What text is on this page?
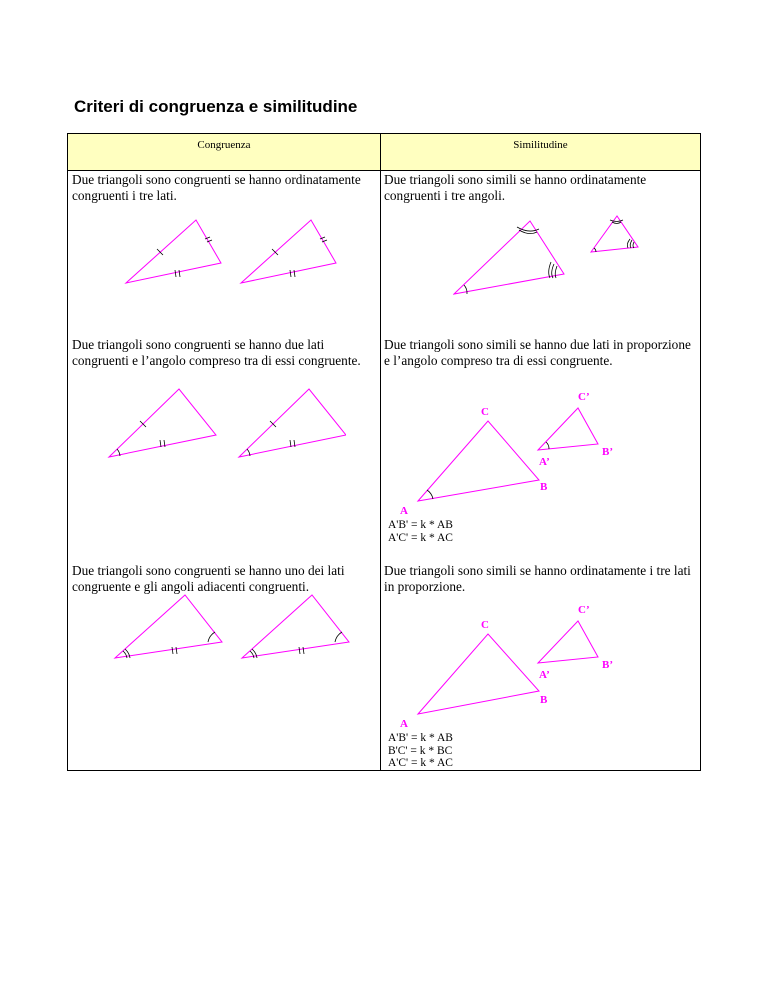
Criteri di congruenza e similitudine
Congruenza	Similitudine

Due triangoli sono congruenti se hanno ordinatamente congruenti i tre lati.

Due triangoli sono simili se hanno ordinatamente congruenti i tre angoli.

Due triangoli sono congruenti se hanno due lati congruenti e l’angolo compreso tra di essi congruente.

Due triangoli sono simili se hanno due lati in proporzione e l’angolo compreso tra di essi congruente.

C
B
A
C’
B’
A’
A'B' = k * AB
A'C' = k * AC

Due triangoli sono congruenti se hanno uno dei lati congruente e gli angoli adiacenti congruenti.

Due triangoli sono simili se hanno ordinatamente i tre lati in proporzione.

C
B
A
C’
B’
A’
A'B' = k * AB
B'C' = k * BC
A'C' = k * AC
